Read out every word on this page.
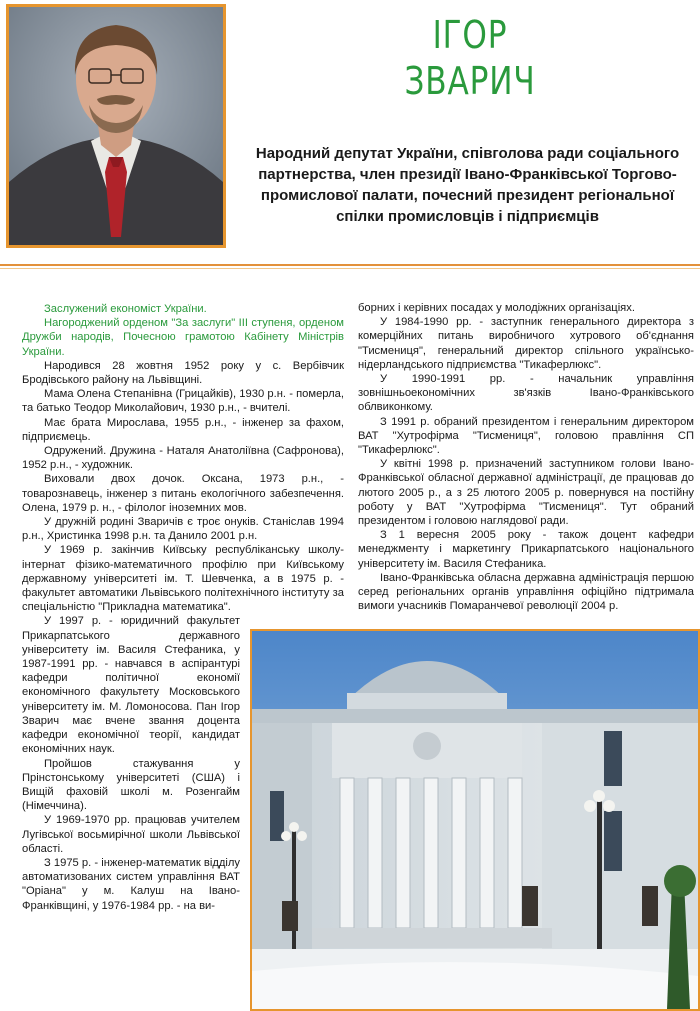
ІГОР
ЗВАРИЧ
Народний депутат України, співголова ради соціального партнерства, член президії Івано-Франківської Торгово-промислової палати, почесний президент регіональної спілки промисловців і підприємців

Заслужений економіст України.

Нагороджений орденом "За заслуги" ІІІ ступеня, орденом Дружби народів, Почесною грамотою Кабінету Міністрів України.

Народився 28 жовтня 1952 року у с. Вербівчик Бродівського району на Львівщині.

Мама Олена Степанівна (Грицайків), 1930 р.н. - померла, та батько Теодор Миколайович, 1930 р.н., - вчителі.

Має брата Мирослава, 1955 р.н., - інженер за фахом, підприємець.

Одружений. Дружина - Наталя Анатоліївна (Сафронова), 1952 р.н., - художник.

Виховали двох дочок. Оксана, 1973 р.н., - товарознавець, інженер з питань екологічного забезпечення. Олена, 1979 р. н., - філолог іноземних мов.

У дружній родині Зваричів є троє онуків. Станіслав 1994 р.н., Христинка 1998 р.н. та Данило 2001 р.н.

У 1969 р. закінчив Київську республіканську школу-інтернат фізико-математичного профілю при Київському державному університеті ім. Т. Шевченка, а в 1975 р. - факультет автоматики Львівського політехнічного інституту за спеціальністю "Прикладна математика".

У 1997 р. - юридичний факультет Прикарпатського державного університету ім. Василя Стефаника, у 1987-1991 рр. - навчався в аспірантурі кафедри політичної економії економічного факультету Московського університету ім. М. Ломоносова. Пан Ігор Зварич має вчене звання доцента кафедри економічної теорії, кандидат економічних наук.

Пройшов стажування у Прінстонському університеті (США) і Вищій фаховій школі м. Розенгайм (Німеччина).

У 1969-1970 рр. працював учителем Лугівської восьмирічної школи Львівської області.

З 1975 р. - інженер-математик відділу автоматизованих систем управління ВАТ "Оріана" у м. Калуш на Івано-Франківщині, у 1976-1984 рр. - на ви-

борних і керівних посадах у молодіжних організаціях.

У 1984-1990 рр. - заступник генерального директора з комерційних питань виробничого хутрового об'єднання "Тисмениця", генеральний директор спільного українсько-нідерландського підприємства "Тикаферлюкс".

У 1990-1991 рр. - начальник управління зовнішньоекономічних зв'язків Івано-Франківського облвиконкому.

З 1991 р. обраний президентом і генеральним директором ВАТ "Хутрофірма "Тисмениця", головою правління СП "Тикаферлюкс".

У квітні 1998 р. призначений заступником голови Івано-Франківської обласної державної адміністрації, де працював до лютого 2005 р., а з 25 лютого 2005 р. повернувся на постійну роботу у ВАТ "Хутрофірма "Тисмениця". Тут обраний президентом і головою наглядової ради.

З 1 вересня 2005 року - також доцент кафедри менеджменту і маркетингу Прикарпатського національного університету ім. Василя Стефаника.

Івано-Франківська обласна державна адміністрація першою серед регіональних органів управління офіційно підтримала вимоги учасників Помаранчевої революції 2004 р.
